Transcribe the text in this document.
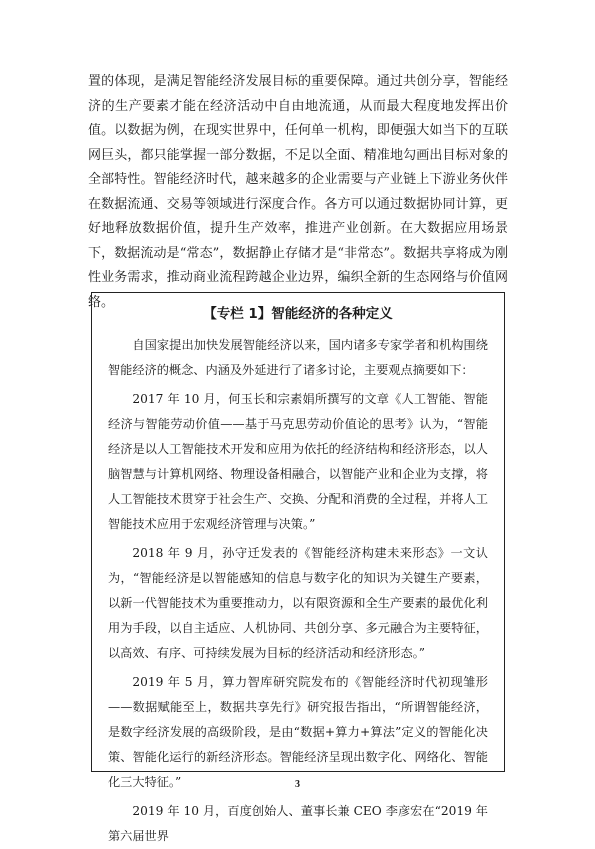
置的体现，是满足智能经济发展目标的重要保障。通过共创分享，智能经济的生产要素才能在经济活动中自由地流通，从而最大程度地发挥出价值。以数据为例，在现实世界中，任何单一机构，即便强大如当下的互联网巨头，都只能掌握一部分数据，不足以全面、精准地勾画出目标对象的全部特性。智能经济时代，越来越多的企业需要与产业链上下游业务伙伴在数据流通、交易等领域进行深度合作。各方可以通过数据协同计算，更好地释放数据价值，提升生产效率，推进产业创新。在大数据应用场景下，数据流动是“常态”，数据静止存储才是“非常态”。数据共享将成为刚性业务需求，推动商业流程跨越企业边界，编织全新的生态网络与价值网络。

【专栏 1】智能经济的各种定义

自国家提出加快发展智能经济以来，国内诸多专家学者和机构围绕智能经济的概念、内涵及外延进行了诸多讨论，主要观点摘要如下：

2017 年 10 月，何玉长和宗素娟所撰写的文章《人工智能、智能经济与智能劳动价值——基于马克思劳动价值论的思考》认为，“智能经济是以人工智能技术开发和应用为依托的经济结构和经济形态，以人脑智慧与计算机网络、物理设备相融合，以智能产业和企业为支撑，将人工智能技术贯穿于社会生产、交换、分配和消费的全过程，并将人工智能技术应用于宏观经济管理与决策。”

2018 年 9 月，孙守迁发表的《智能经济构建未来形态》一文认为，“智能经济是以智能感知的信息与数字化的知识为关键生产要素，以新一代智能技术为重要推动力，以有限资源和全生产要素的最优化利用为手段，以自主适应、人机协同、共创分享、多元融合为主要特征，以高效、有序、可持续发展为目标的经济活动和经济形态。”

2019 年 5 月，算力智库研究院发布的《智能经济时代初现雏形 ——数据赋能至上，数据共享先行》研究报告指出，“所谓智能经济，是数字经济发展的高级阶段，是由“数据+算力+算法”定义的智能化决策、智能化运行的新经济形态。智能经济呈现出数字化、网络化、智能化三大特征。”

2019 年 10 月，百度创始人、董事长兼 CEO 李彦宏在“2019 年第六届世界

3
